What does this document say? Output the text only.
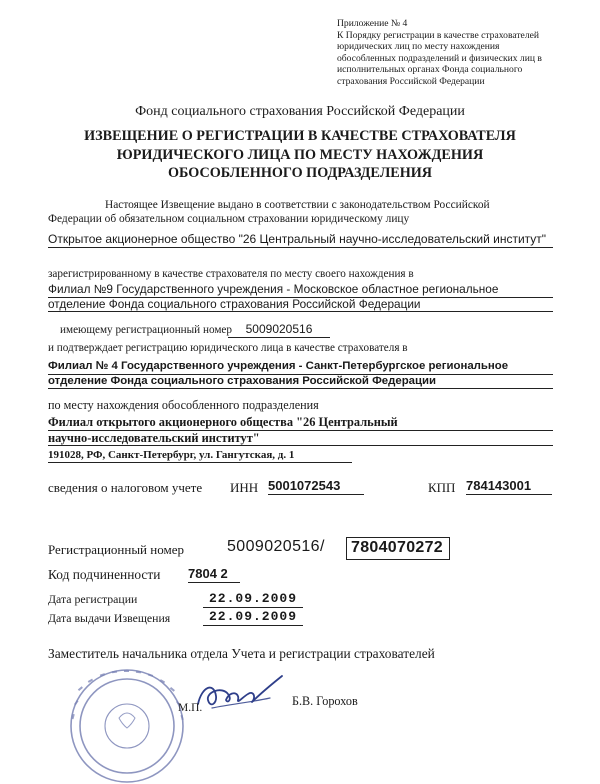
Приложение № 4
К Порядку регистрации в качестве страхователей
юридических лиц по месту нахождения
обособленных подразделений и физических лиц в
исполнительных органах Фонда социального
страхования Российской Федерации
Фонд социального страхования Российской Федерации
ИЗВЕЩЕНИЕ О РЕГИСТРАЦИИ В КАЧЕСТВЕ СТРАХОВАТЕЛЯ
ЮРИДИЧЕСКОГО ЛИЦА ПО МЕСТУ НАХОЖДЕНИЯ
ОБОСОБЛЕННОГО ПОДРАЗДЕЛЕНИЯ
Настоящее Извещение выдано в соответствии с законодательством Российской
Федерации об обязательном социальном страховании юридическому лицу
Открытое акционерное общество "26 Центральный научно-исследовательский институт"
зарегистрированному в качестве страхователя по месту своего нахождения в
Филиал №9 Государственного учреждения - Московское областное региональное
отделение Фонда социального страхования Российской Федерации
имеющему регистрационный номер	5009020516
и подтверждает регистрацию юридического лица в качестве страхователя в
Филиал № 4 Государственного учреждения - Санкт-Петербургское региональное
отделение Фонда социального страхования Российской Федерации
по месту нахождения обособленного подразделения
Филиал открытого акционерного общества "26 Центральный
научно-исследовательский институт"
191028, РФ, Санкт-Петербург, ул. Гангутская, д. 1
сведения о налоговом учете ИНН 5001072543	КПП 784143001
Регистрационный номер	5009020516/	7804070272
Код подчиненности 7804 2
Дата регистрации	22.09.2009
Дата выдачи Извещения	22.09.2009
Заместитель начальника отдела Учета и регистрации страхователей
М.П.	Б.В. Горохов
